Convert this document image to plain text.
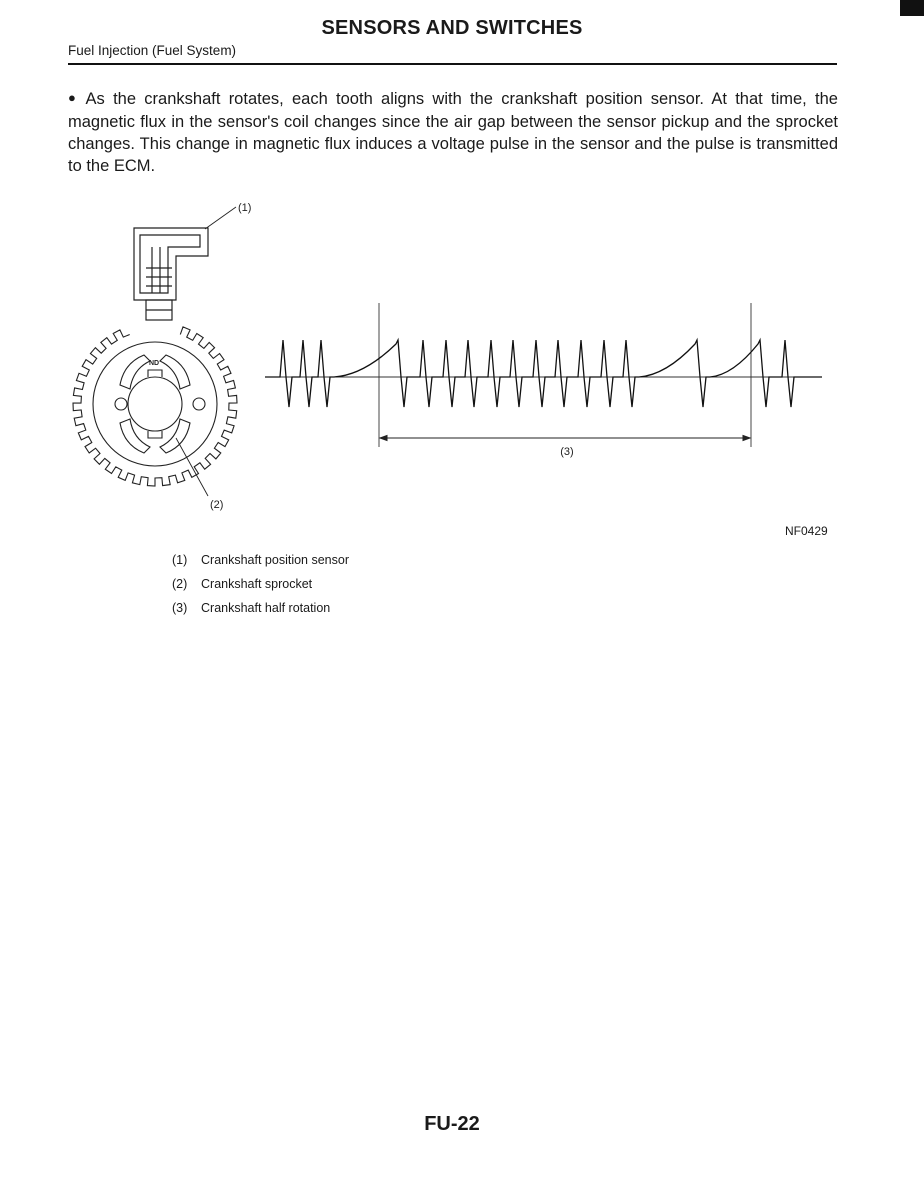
SENSORS AND SWITCHES
Fuel Injection (Fuel System)

● As the crankshaft rotates, each tooth aligns with the crankshaft position sensor. At that time, the magnetic flux in the sensor's coil changes since the air gap between the sensor pickup and the sprocket changes. This change in magnetic flux induces a voltage pulse in the sensor and the pulse is transmitted to the ECM.

(1)
ND
(2)
(3)
NF0429
(1)	Crankshaft position sensor
(2)	Crankshaft sprocket
(3)	Crankshaft half rotation
FU-22
